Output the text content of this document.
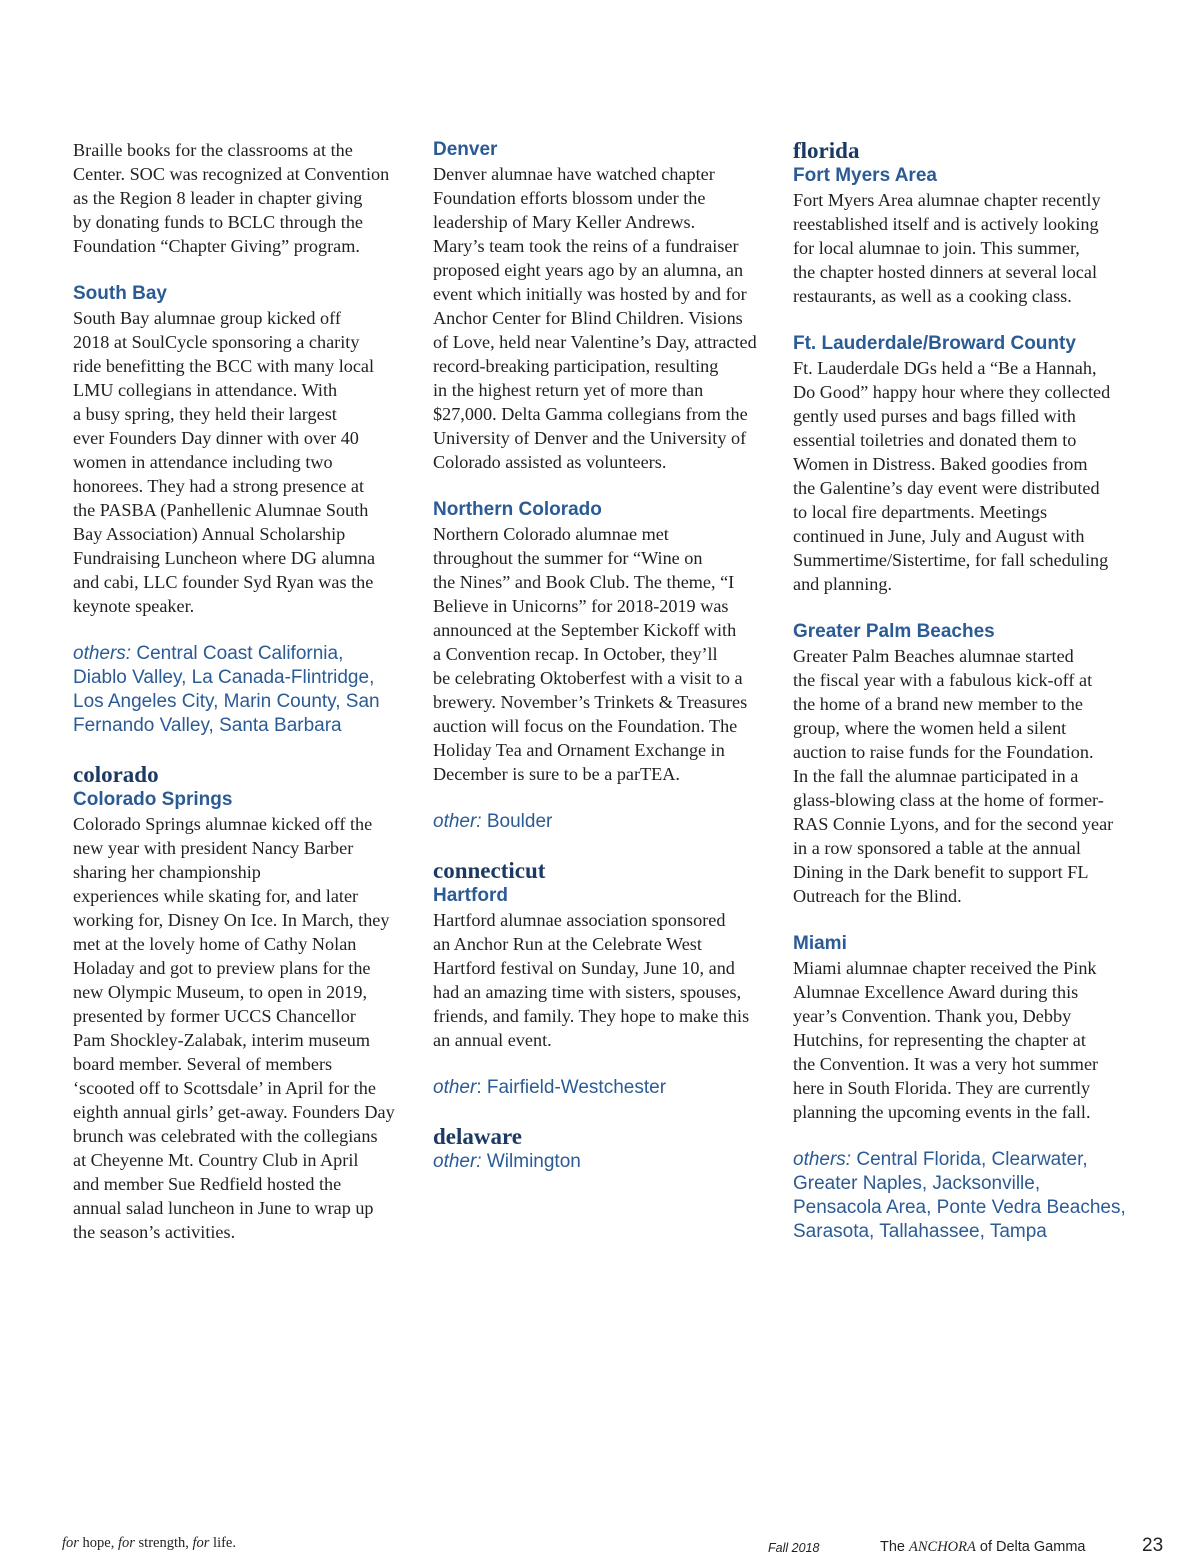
Braille books for the classrooms at the
Center. SOC was recognized at Convention
as the Region 8 leader in chapter giving
by donating funds to BCLC through the
Foundation “Chapter Giving” program.

South Bay

South Bay alumnae group kicked off
2018 at SoulCycle sponsoring a charity
ride benefitting the BCC with many local
LMU collegians in attendance. With
a busy spring, they held their largest
ever Founders Day dinner with over 40
women in attendance including two
honorees. They had a strong presence at
the PASBA (Panhellenic Alumnae South
Bay Association) Annual Scholarship
Fundraising Luncheon where DG alumna
and cabi, LLC founder Syd Ryan was the
keynote speaker.

others: Central Coast California,
Diablo Valley, La Canada-Flintridge,
Los Angeles City, Marin County, San
Fernando Valley, Santa Barbara

colorado
Colorado Springs

Colorado Springs alumnae kicked off the
new year with president Nancy Barber
sharing her championship
experiences while skating for, and later
working for, Disney On Ice. In March, they
met at the lovely home of Cathy Nolan
Holaday and got to preview plans for the
new Olympic Museum, to open in 2019,
presented by former UCCS Chancellor
Pam Shockley-Zalabak, interim museum
board member. Several of members
‘scooted off to Scottsdale’ in April for the
eighth annual girls’ get-away. Founders Day
brunch was celebrated with the collegians
at Cheyenne Mt. Country Club in April
and member Sue Redfield hosted the
annual salad luncheon in June to wrap up
the season’s activities.

Denver

Denver alumnae have watched chapter
Foundation efforts blossom under the
leadership of Mary Keller Andrews.
Mary’s team took the reins of a fundraiser
proposed eight years ago by an alumna, an
event which initially was hosted by and for
Anchor Center for Blind Children. Visions
of Love, held near Valentine’s Day, attracted
record-breaking participation, resulting
in the highest return yet of more than
$27,000. Delta Gamma collegians from the
University of Denver and the University of
Colorado assisted as volunteers.

Northern Colorado

Northern Colorado alumnae met
throughout the summer for “Wine on
the Nines” and Book Club. The theme, “I
Believe in Unicorns” for 2018-2019 was
announced at the September Kickoff with
a Convention recap. In October, they’ll
be celebrating Oktoberfest with a visit to a
brewery. November’s Trinkets & Treasures
auction will focus on the Foundation. The
Holiday Tea and Ornament Exchange in
December is sure to be a parTEA.

other: Boulder

connecticut
Hartford

Hartford alumnae association sponsored
an Anchor Run at the Celebrate West
Hartford festival on Sunday, June 10, and
had an amazing time with sisters, spouses,
friends, and family. They hope to make this
an annual event.

other: Fairfield-Westchester

delaware

other: Wilmington

florida
Fort Myers Area

Fort Myers Area alumnae chapter recently
reestablished itself and is actively looking
for local alumnae to join. This summer,
the chapter hosted dinners at several local
restaurants, as well as a cooking class.

Ft. Lauderdale/Broward County

Ft. Lauderdale DGs held a “Be a Hannah,
Do Good” happy hour where they collected
gently used purses and bags filled with
essential toiletries and donated them to
Women in Distress. Baked goodies from
the Galentine’s day event were distributed
to local fire departments. Meetings
continued in June, July and August with
Summertime/Sistertime, for fall scheduling
and planning.

Greater Palm Beaches

Greater Palm Beaches alumnae started
the fiscal year with a fabulous kick-off at
the home of a brand new member to the
group, where the women held a silent
auction to raise funds for the Foundation.
In the fall the alumnae participated in a
glass-blowing class at the home of former-
RAS Connie Lyons, and for the second year
in a row sponsored a table at the annual
Dining in the Dark benefit to support FL
Outreach for the Blind.

Miami

Miami alumnae chapter received the Pink
Alumnae Excellence Award during this
year’s Convention. Thank you, Debby
Hutchins, for representing the chapter at
the Convention. It was a very hot summer
here in South Florida. They are currently
planning the upcoming events in the fall.

others: Central Florida, Clearwater,
Greater Naples, Jacksonville,
Pensacola Area, Ponte Vedra Beaches,
Sarasota, Tallahassee, Tampa

for hope, for strength, for life.	Fall 2018	The ANCHORA of Delta Gamma	23
